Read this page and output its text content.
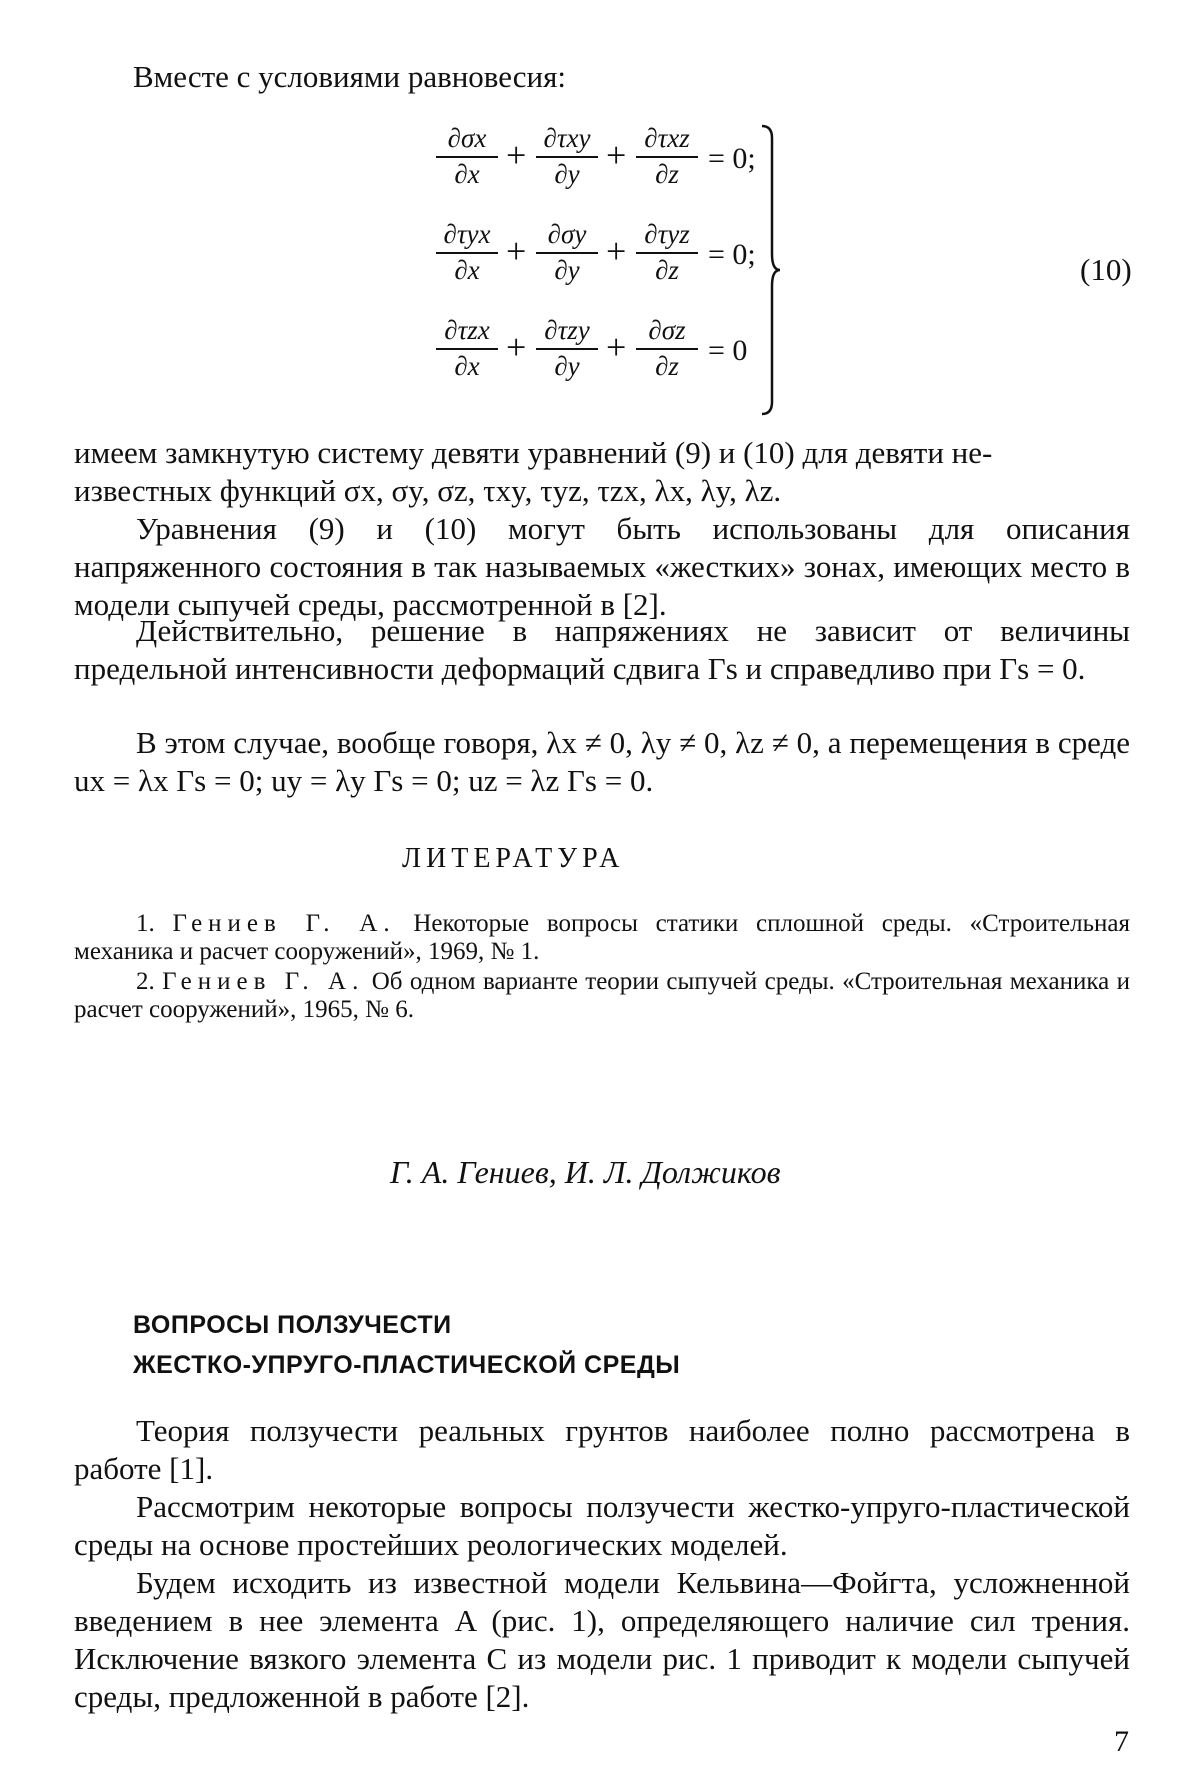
Вместе с условиями равновесия:
∂σx
∂x + ∂τxy
∂y + ∂τxz
∂z = 0;
∂τyx
∂x + ∂σy
∂y + ∂τyz
∂z = 0;
∂τzx
∂x + ∂τzy
∂y + ∂σz
∂z = 0
(10)
имеем замкнутую систему девяти уравнений (9) и (10) для девяти не-
известных функций σx, σy, σz, τxy, τyz, τzx, λx, λy, λz.
Уравнения (9) и (10) могут быть использованы для описания напряженного состояния в так называемых «жестких» зонах, имеющих место в модели сыпучей среды, рассмотренной в [2].
Действительно, решение в напряжениях не зависит от величины предельной интенсивности деформаций сдвига Γs и справедливо при Γs = 0.
В этом случае, вообще говоря, λx ≠ 0, λy ≠ 0, λz ≠ 0, а перемещения в среде ux = λx Γs = 0; uy = λy Γs = 0; uz = λz Γs = 0.
ЛИТЕРАТУРА
1. Гениев Г. А. Некоторые вопросы статики сплошной среды. «Строительная механика и расчет сооружений», 1969, № 1.
2. Гениев Г. А. Об одном варианте теории сыпучей среды. «Строительная механика и расчет сооружений», 1965, № 6.
Г. А. Гениев, И. Л. Должиков
ВОПРОСЫ ПОЛЗУЧЕСТИ
ЖЕСТКО-УПРУГО-ПЛАСТИЧЕСКОЙ СРЕДЫ
Теория ползучести реальных грунтов наиболее полно рассмотрена в работе [1].
Рассмотрим некоторые вопросы ползучести жестко-упруго-пластической среды на основе простейших реологических моделей.
Будем исходить из известной модели Кельвина—Фойгта, усложненной введением в нее элемента A (рис. 1), определяющего наличие сил трения. Исключение вязкого элемента C из модели рис. 1 приводит к модели сыпучей среды, предложенной в работе [2].
7
